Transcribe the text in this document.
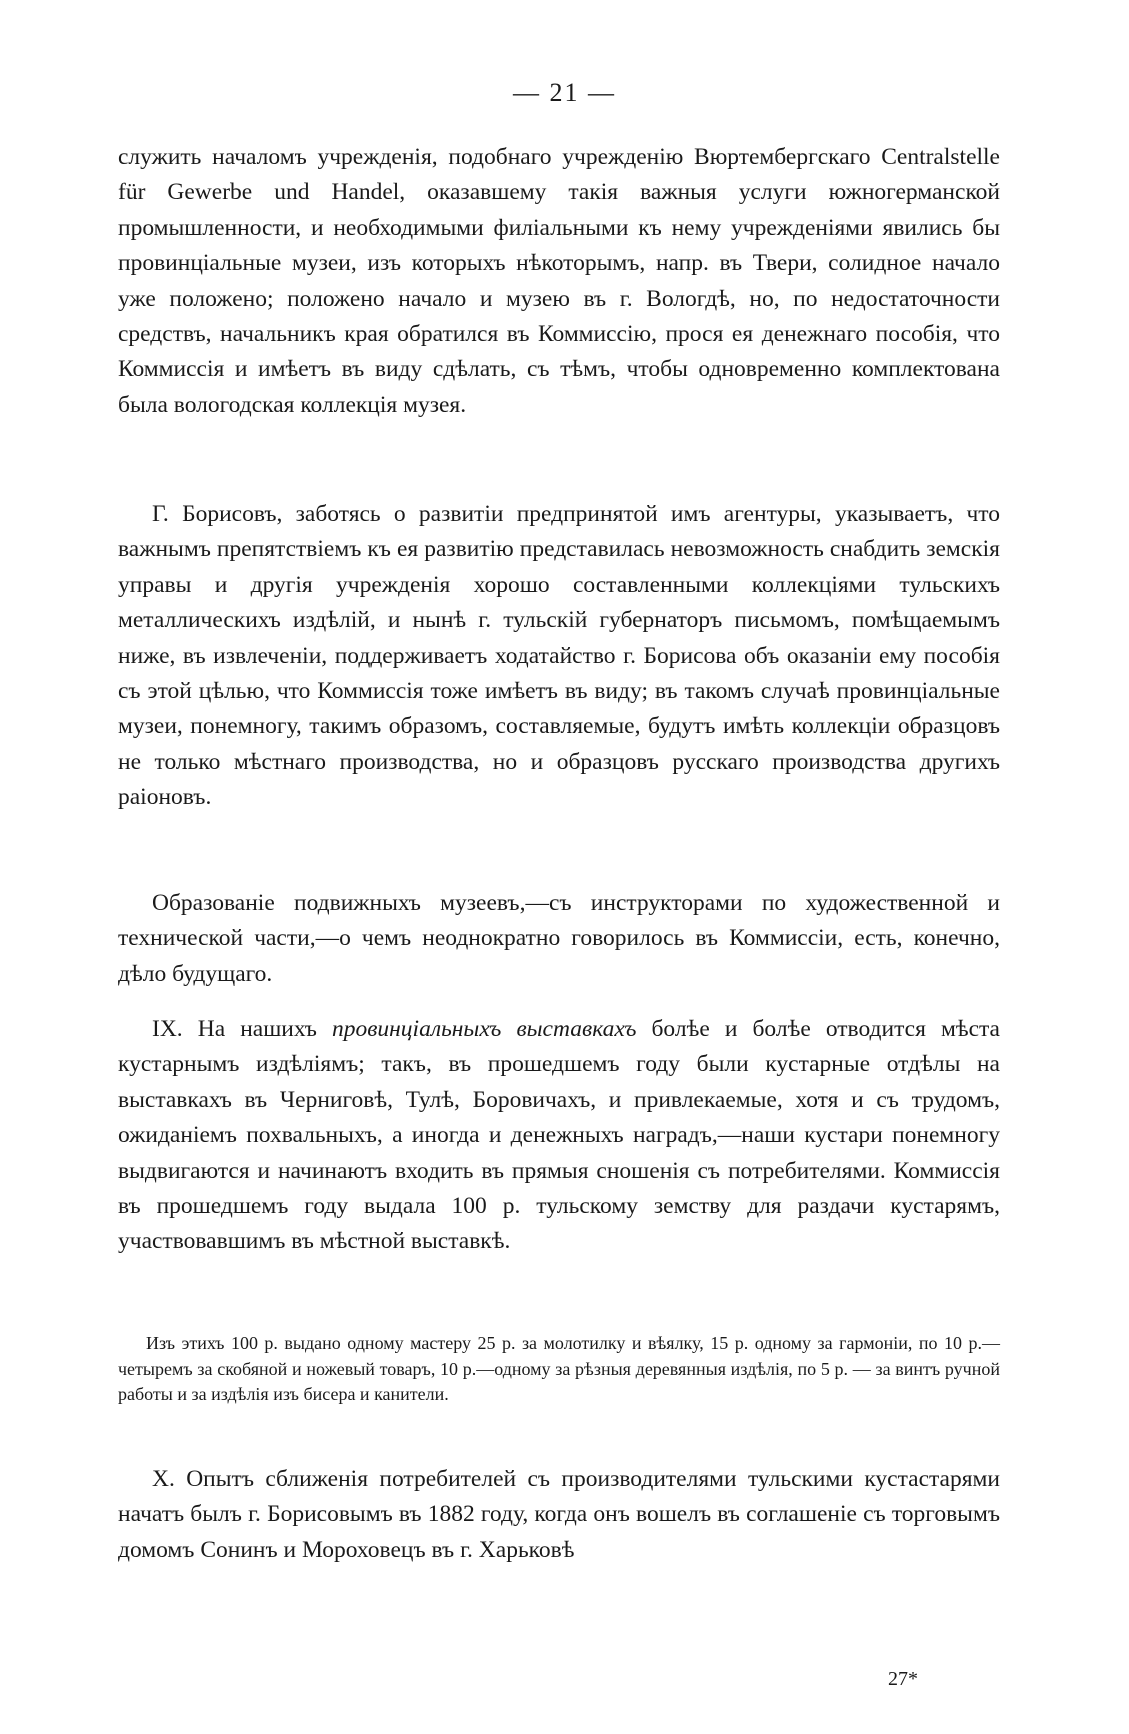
— 21 —

служить началомъ учрежденія, подобнаго учрежденію Вюртембергскаго Centralstelle für Gewerbe und Handel, оказавшему такія важныя услуги южногерманской промышленности, и необходимыми филіальными къ нему учрежденіями явились бы провинціальные музеи, изъ которыхъ нѣкоторымъ, напр. въ Твери, солидное начало уже положено; положено начало и музею въ г. Вологдѣ, но, по недостаточности средствъ, начальникъ края обратился въ Коммиссію, прося ея денежнаго пособія, что Коммиссія и имѣетъ въ виду сдѣлать, съ тѣмъ, чтобы одновременно комплектована была вологодская коллекція музея.

Г. Борисовъ, заботясь о развитіи предпринятой имъ агентуры, указываетъ, что важнымъ препятствіемъ къ ея развитію представилась невозможность снабдить земскія управы и другія учрежденія хорошо составленными коллекціями тульскихъ металлическихъ издѣлій, и нынѣ г. тульскій губернаторъ письмомъ, помѣщаемымъ ниже, въ извлеченіи, поддерживаетъ ходатайство г. Борисова объ оказаніи ему пособія съ этой цѣлью, что Коммиссія тоже имѣетъ въ виду; въ такомъ случаѣ провинціальные музеи, понемногу, такимъ образомъ, составляемые, будутъ имѣть коллекціи образцовъ не только мѣстнаго производства, но и образцовъ русскаго производства другихъ раіоновъ.

Образованіе подвижныхъ музеевъ,—съ инструкторами по художественной и технической части,—о чемъ неоднократно говорилось въ Коммиссіи, есть, конечно, дѣло будущаго.

IX. На нашихъ провинціальныхъ выставкахъ болѣе и болѣе отводится мѣста кустарнымъ издѣліямъ; такъ, въ прошедшемъ году были кустарные отдѣлы на выставкахъ въ Черниговѣ, Тулѣ, Боровичахъ, и привлекаемые, хотя и съ трудомъ, ожиданіемъ похвальныхъ, а иногда и денежныхъ наградъ,—наши кустари понемногу выдвигаются и начинаютъ входить въ прямыя сношенія съ потребителями. Коммиссія въ прошедшемъ году выдала 100 р. тульскому земству для раздачи кустарямъ, участвовавшимъ въ мѣстной выставкѣ.

Изъ этихъ 100 р. выдано одному мастеру 25 р. за молотилку и вѣялку, 15 р. одному за гармоніи, по 10 р.—четыремъ за скобяной и ножевый товаръ, 10 р.—одному за рѣзныя деревянныя издѣлія, по 5 р. — за винтъ ручной работы и за издѣлія изъ бисера и канители.

X. Опытъ сближенія потребителей съ производителями тульскими кустастарями начатъ былъ г. Борисовымъ въ 1882 году, когда онъ вошелъ въ соглашеніе съ торговымъ домомъ Сонинъ и Мороховецъ въ г. Харьковѣ

27*
